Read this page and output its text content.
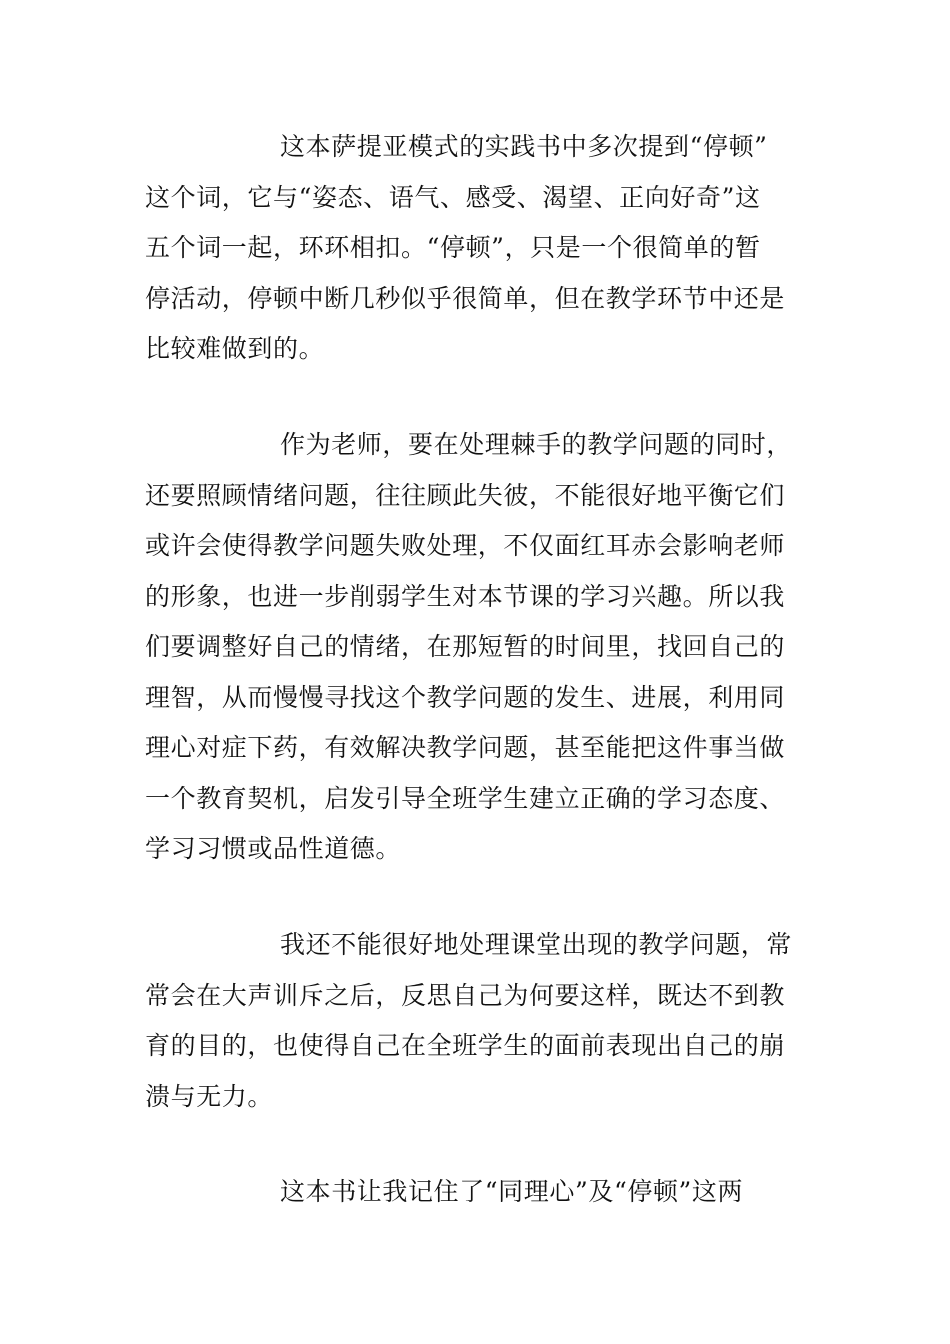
这本萨提亚模式的实践书中多次提到“停顿”
这个词，它与“姿态、语气、感受、渴望、正向好奇”这
五个词一起，环环相扣。“停顿”，只是一个很简单的暂
停活动，停顿中断几秒似乎很简单，但在教学环节中还是
比较难做到的。

作为老师，要在处理棘手的教学问题的同时，
还要照顾情绪问题，往往顾此失彼，不能很好地平衡它们
或许会使得教学问题失败处理，不仅面红耳赤会影响老师
的形象，也进一步削弱学生对本节课的学习兴趣。所以我
们要调整好自己的情绪，在那短暂的时间里，找回自己的
理智，从而慢慢寻找这个教学问题的发生、进展，利用同
理心对症下药，有效解决教学问题，甚至能把这件事当做
一个教育契机，启发引导全班学生建立正确的学习态度、
学习习惯或品性道德。

我还不能很好地处理课堂出现的教学问题，常
常会在大声训斥之后，反思自己为何要这样，既达不到教
育的目的，也使得自己在全班学生的面前表现出自己的崩
溃与无力。

这本书让我记住了“同理心”及“停顿”这两
